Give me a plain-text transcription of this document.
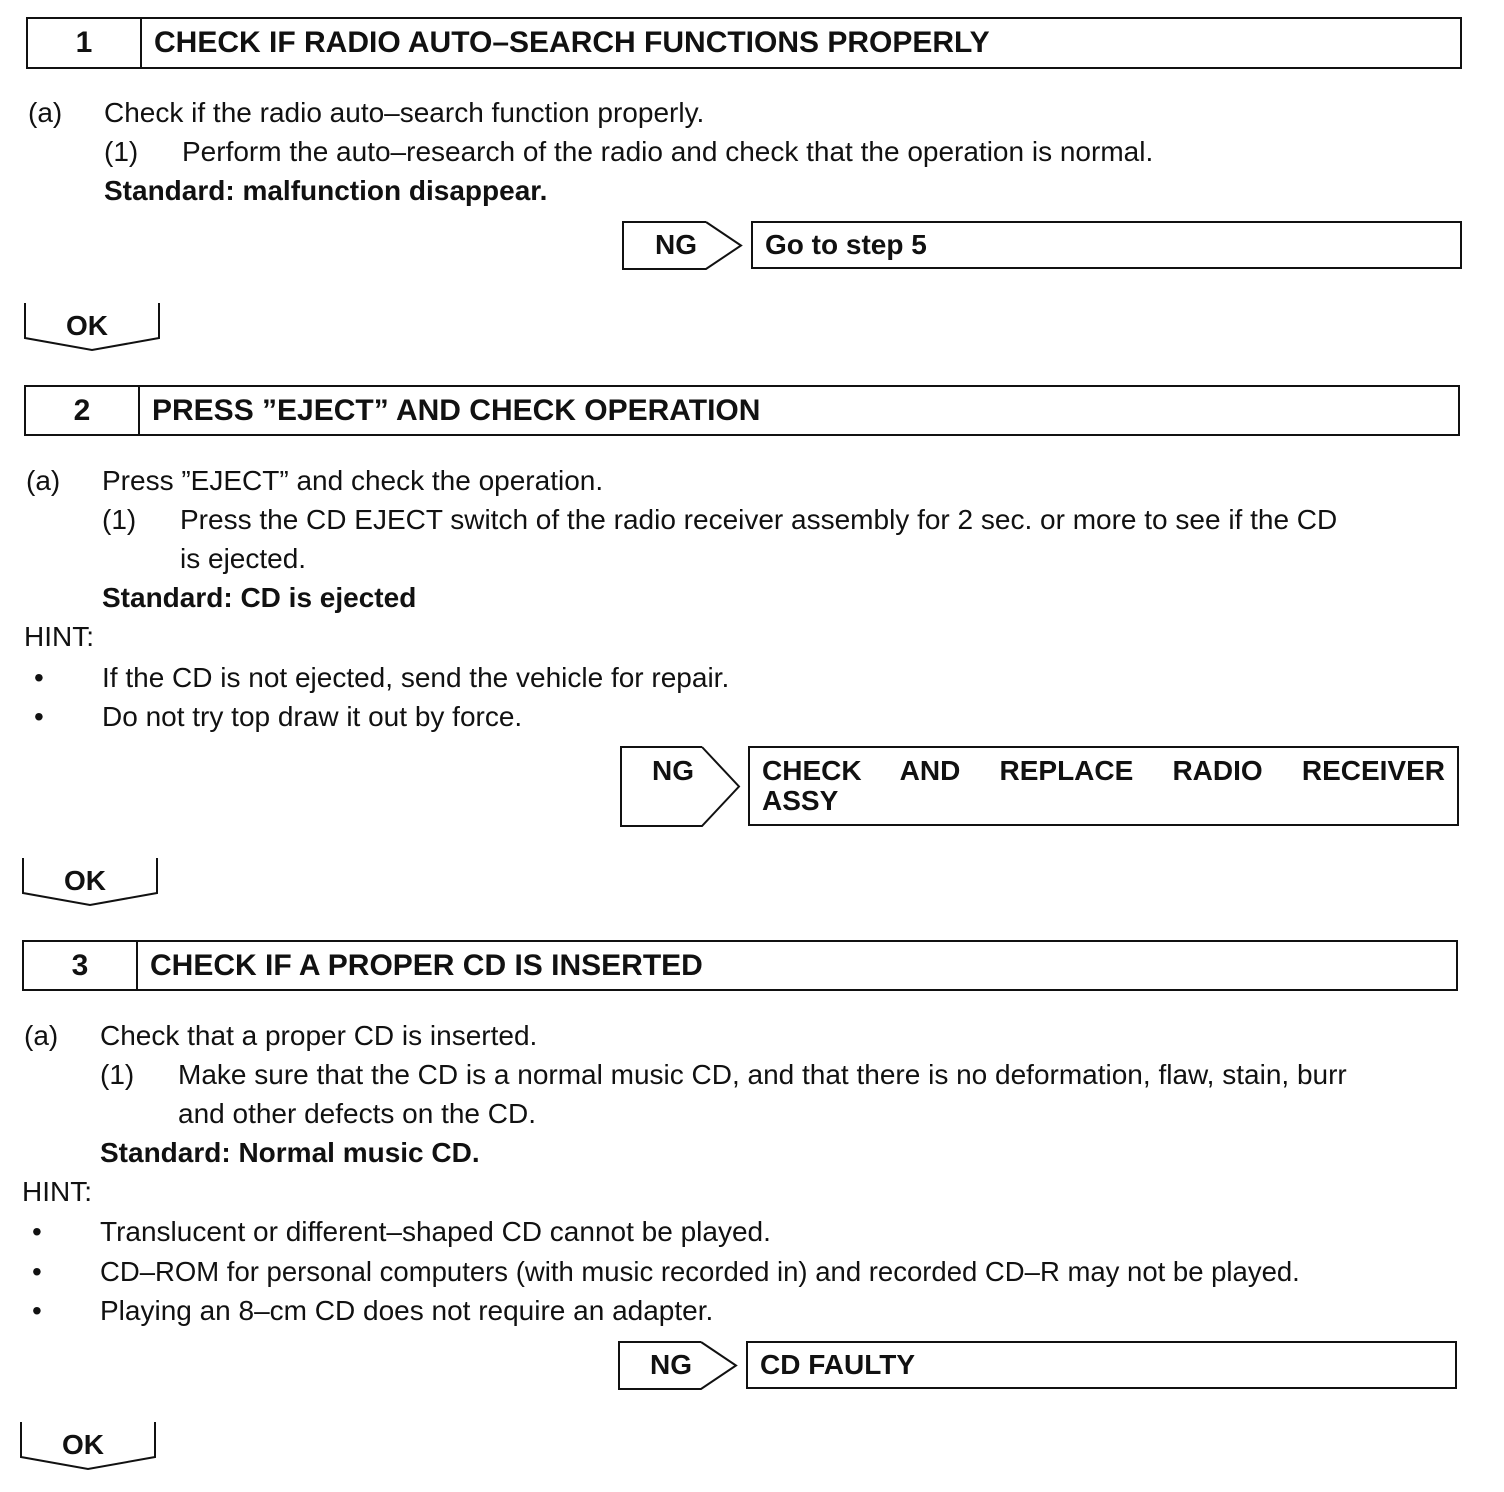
1	CHECK IF RADIO AUTO–SEARCH FUNCTIONS PROPERLY
(a) Check if the radio auto–search function properly.
(1) Perform the auto–research of the radio and check that the operation is normal.
Standard: malfunction disappear.
NG	Go to step 5
OK
2	PRESS ”EJECT” AND CHECK OPERATION
(a) Press ”EJECT” and check the operation.
(1) Press the CD EJECT switch of the radio receiver assembly for 2 sec. or more to see if the CD
is ejected.
Standard: CD is ejected
HINT:
• If the CD is not ejected, send the vehicle for repair.
• Do not try top draw it out by force.
NG CHECK AND REPLACE RADIO RECEIVER
ASSY
OK
3	CHECK IF A PROPER CD IS INSERTED
(a) Check that a proper CD is inserted.
(1) Make sure that the CD is a normal music CD, and that there is no deformation, flaw, stain, burr
and other defects on the CD.
Standard: Normal music CD.
HINT:
• Translucent or different–shaped CD cannot be played.
• CD–ROM for personal computers (with music recorded in) and recorded CD–R may not be played.
• Playing an 8–cm CD does not require an adapter.
NG	CD FAULTY
OK
